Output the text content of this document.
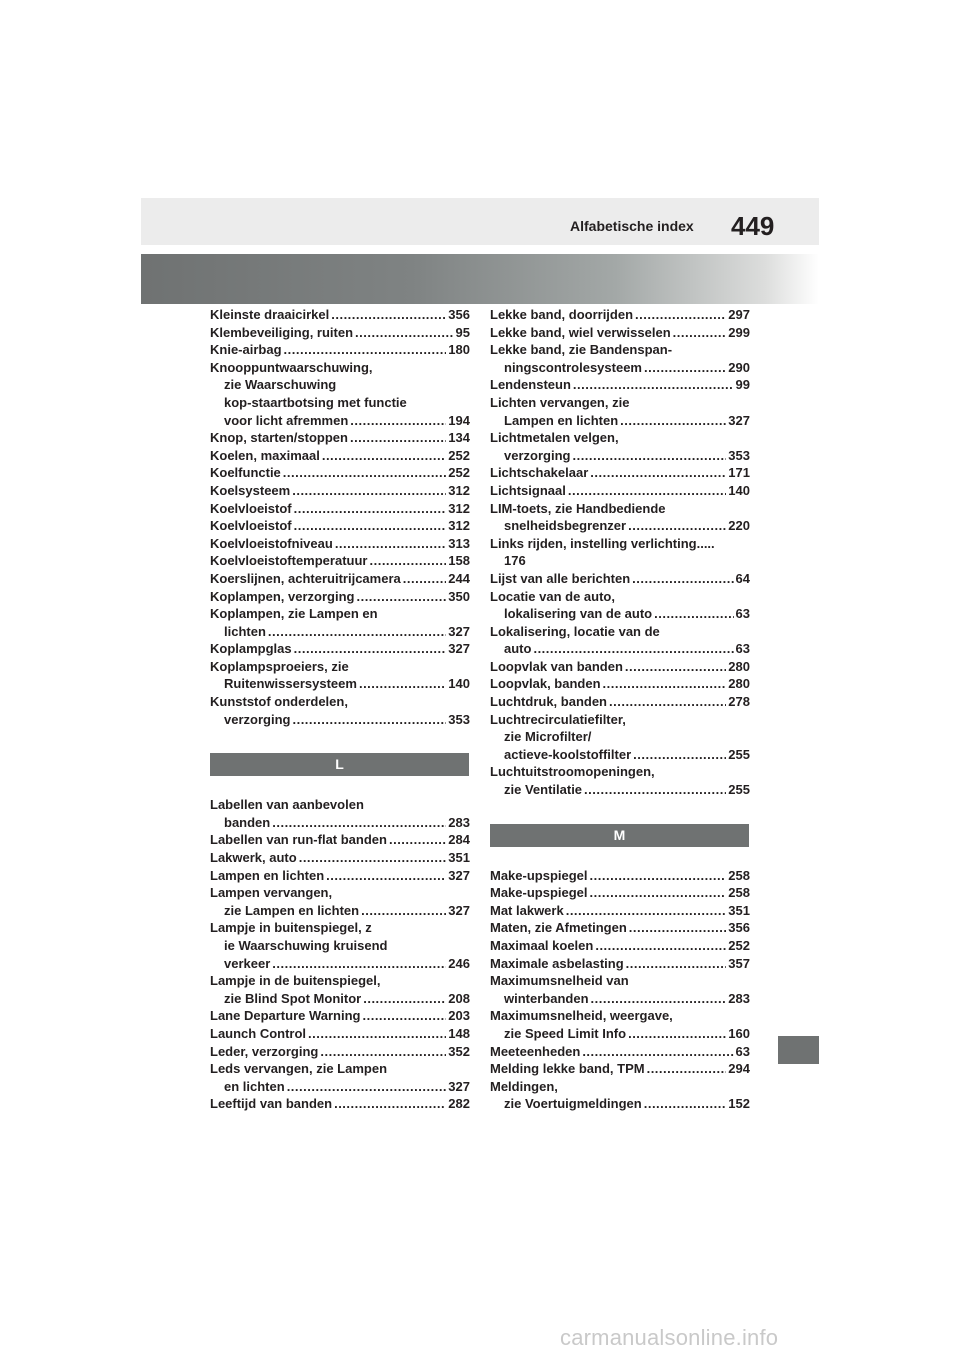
Alfabetische index 449
Kleinste draaicirkel .....	356
Klembeveiliging, ruiten .....	95
Knie-airbag .....	180
Knooppuntwaarschuwing,
zie Waarschuwing
kop-staartbotsing met functie
voor licht afremmen .....	194
Knop, starten/stoppen .....	134
Koelen, maximaal .....	252
Koelfunctie .....	252
Koelsysteem .....	312
Koelvloeistof .....	312
Koelvloeistof .....	312
Koelvloeistofniveau .....	313
Koelvloeistoftemperatuur .....	158
Koerslijnen, achteruitrijcamera .....	244
Koplampen, verzorging .....	350
Koplampen, zie Lampen en
lichten .....	327
Koplampglas .....	327
Koplampsproeiers, zie
Ruitenwissersysteem .....	140
Kunststof onderdelen,
verzorging .....	353
L
Labellen van aanbevolen
banden .....	283
Labellen van run-flat banden .....	284
Lakwerk, auto .....	351
Lampen en lichten .....	327
Lampen vervangen,
zie Lampen en lichten .....	327
Lampje in buitenspiegel, z
ie Waarschuwing kruisend
verkeer .....	246
Lampje in de buitenspiegel,
zie Blind Spot Monitor .....	208
Lane Departure Warning .....	203
Launch Control .....	148
Leder, verzorging .....	352
Leds vervangen, zie Lampen
en lichten .....	327
Leeftijd van banden .....	282
Lekke band, doorrijden .....	297
Lekke band, wiel verwisselen .....	299
Lekke band, zie Bandenspan-
ningscontrolesysteem .....	290
Lendensteun .....	99
Lichten vervangen, zie
Lampen en lichten .....	327
Lichtmetalen velgen,
verzorging .....	353
Lichtschakelaar .....	171
Lichtsignaal .....	140
LIM-toets, zie Handbediende
snelheidsbegrenzer .....	220
Links rijden, instelling verlichting.....
176
Lijst van alle berichten .....	64
Locatie van de auto,
lokalisering van de auto .....	63
Lokalisering, locatie van de
auto .....	63
Loopvlak van banden .....	280
Loopvlak, banden .....	280
Luchtdruk, banden .....	278
Luchtrecirculatiefilter,
zie Microfilter/
actieve-koolstoffilter .....	255
Luchtuitstroomopeningen,
zie Ventilatie .....	255
M
Make-upspiegel .....	258
Make-upspiegel .....	258
Mat lakwerk .....	351
Maten, zie Afmetingen .....	356
Maximaal koelen .....	252
Maximale asbelasting .....	357
Maximumsnelheid van
winterbanden .....	283
Maximumsnelheid, weergave,
zie Speed Limit Info .....	160
Meeteenheden .....	63
Melding lekke band, TPM .....	294
Meldingen,
zie Voertuigmeldingen .....	152
carmanualsonline.info
